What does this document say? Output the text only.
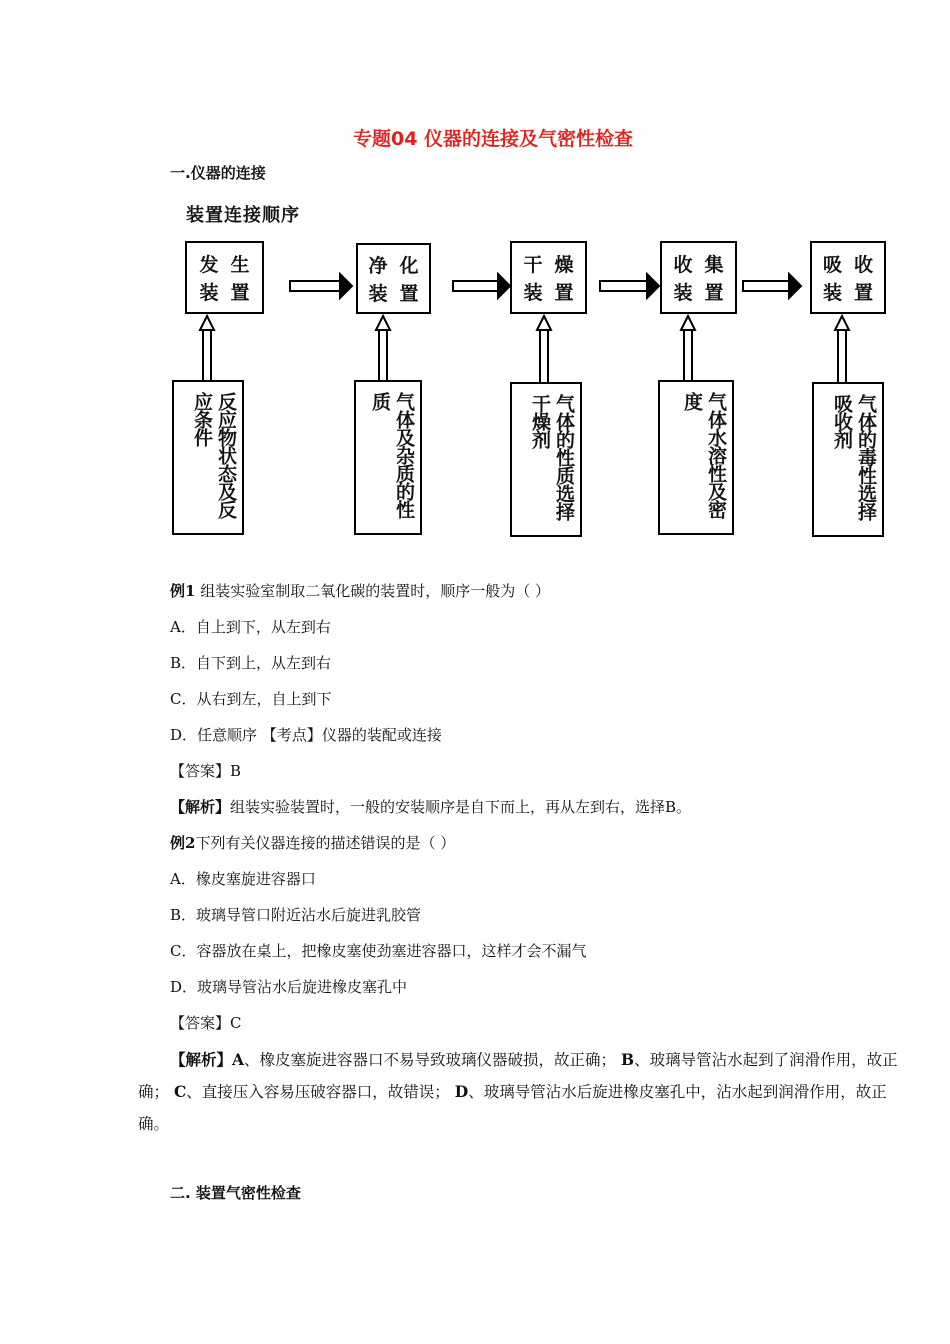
专题04 仪器的连接及气密性检查
一.仪器的连接
装置连接顺序
发生
装置
净化
装置
干燥
装置
收集
装置
吸收
装置
反应物状态及反应条件	气体及杂质的性质	气体的性质选择干燥剂	气体水溶性及密度	气体的毒性选择吸收剂
例1 组装实验室制取二氧化碳的装置时，顺序一般为（ ）
A．自上到下，从左到右
B．自下到上，从左到右
C．从右到左，自上到下
D．任意顺序 【考点】仪器的装配或连接
【答案】B
【解析】组装实验装置时，一般的安装顺序是自下而上，再从左到右，选择B。
例2下列有关仪器连接的描述错误的是（ ）
A．橡皮塞旋进容器口
B．玻璃导管口附近沾水后旋进乳胶管
C．容器放在桌上，把橡皮塞使劲塞进容器口，这样才会不漏气
D．玻璃导管沾水后旋进橡皮塞孔中
【答案】C
【解析】A、橡皮塞旋进容器口不易导致玻璃仪器破损，故正确； B、玻璃导管沾水起到了润滑作用，故正确； C、直接压入容易压破容器口，故错误； D、玻璃导管沾水后旋进橡皮塞孔中，沾水起到润滑作用，故正确。
二. 装置气密性检查
